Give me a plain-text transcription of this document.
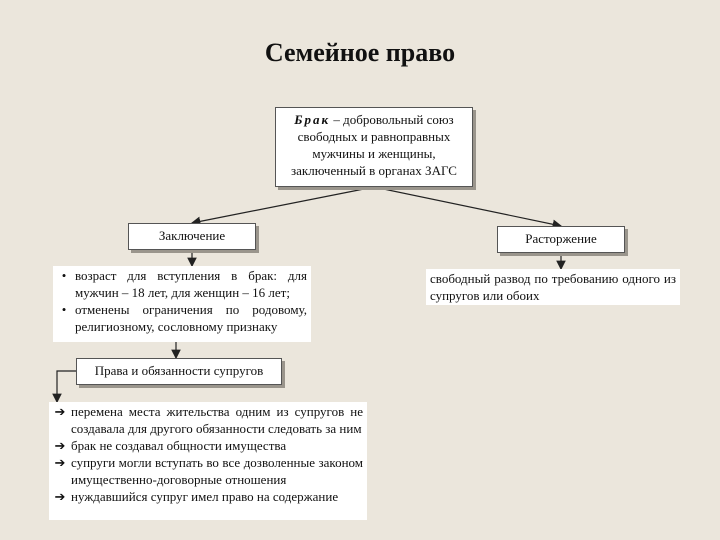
Семейное право
Брак – добровольный союз свободных и равноправных мужчины и женщины, заключенный в органах ЗАГС
Заключение	Расторжение
• возраст для вступления в брак: для мужчин – 18 лет, для женщин – 16 лет;
• отменены ограничения по родовому, религиозному, сословному признаку
свободный развод по требованию одного из супругов или обоих
Права и обязанности супругов
➔ перемена места жительства одним из супругов не создавала для другого обязанности следовать за ним
➔ брак не создавал общности имущества
➔ супруги могли вступать во все дозволенные законом имущественно-договорные отношения
➔ нуждавшийся супруг имел право на содержание
